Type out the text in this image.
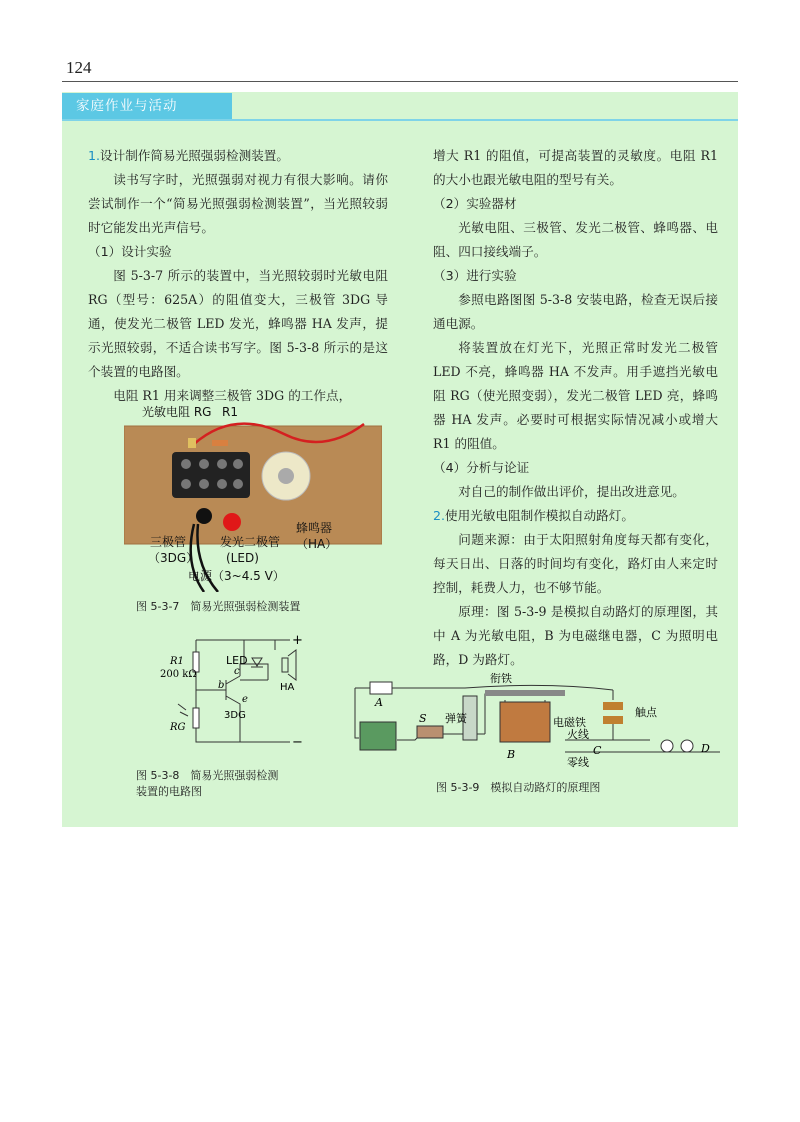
124
家庭作业与活动

1.设计制作简易光照强弱检测装置。

读书写字时，光照强弱对视力有很大影响。请你尝试制作一个“简易光照强弱检测装置”，当光照较弱时它能发出光声信号。

（1）设计实验

图 5-3-7 所示的装置中，当光照较弱时光敏电阻 RG（型号：625A）的阻值变大，三极管 3DG 导通，使发光二极管 LED 发光，蜂鸣器 HA 发声，提示光照较弱，不适合读书写字。图 5-3-8 所示的是这个装置的电路图。

电阻 R1 用来调整三极管 3DG 的工作点，

增大 R1 的阻值，可提高装置的灵敏度。电阻 R1 的大小也跟光敏电阻的型号有关。

（2）实验器材

光敏电阻、三极管、发光二极管、蜂鸣器、电阻、四口接线端子。

（3）进行实验

参照电路图图 5-3-8 安装电路，检查无误后接通电源。

将装置放在灯光下，光照正常时发光二极管 LED 不亮，蜂鸣器 HA 不发声。用手遮挡光敏电阻 RG（使光照变弱），发光二极管 LED 亮，蜂鸣器 HA 发声。必要时可根据实际情况减小或增大 R1 的阻值。

（4）分析与论证

对自己的制作做出评价，提出改进意见。

2.使用光敏电阻制作模拟自动路灯。

问题来源：由于太阳照射角度每天都有变化，每天日出、日落的时间均有变化，路灯由人来定时控制，耗费人力，也不够节能。

原理：图 5-3-9 是模拟自动路灯的原理图，其中 A 为光敏电阻，B 为电磁继电器，C 为照明电路，D 为路灯。

光敏电阻 RG R1
三极管
（3DG）
发光二极管
(LED)
蜂鸣器
（HA）
电源（3~4.5 V）
图 5-3-7　简易光照强弱检测装置
R1
200 kΩ
RG
LED
HA
b
c
e
3DG
+
−
图 5-3-8　简易光照强弱检测
装置的电路图
衔铁
弹簧	电磁铁
触点
火线
零线
A
B	C	D
S
图 5-3-9　模拟自动路灯的原理图
